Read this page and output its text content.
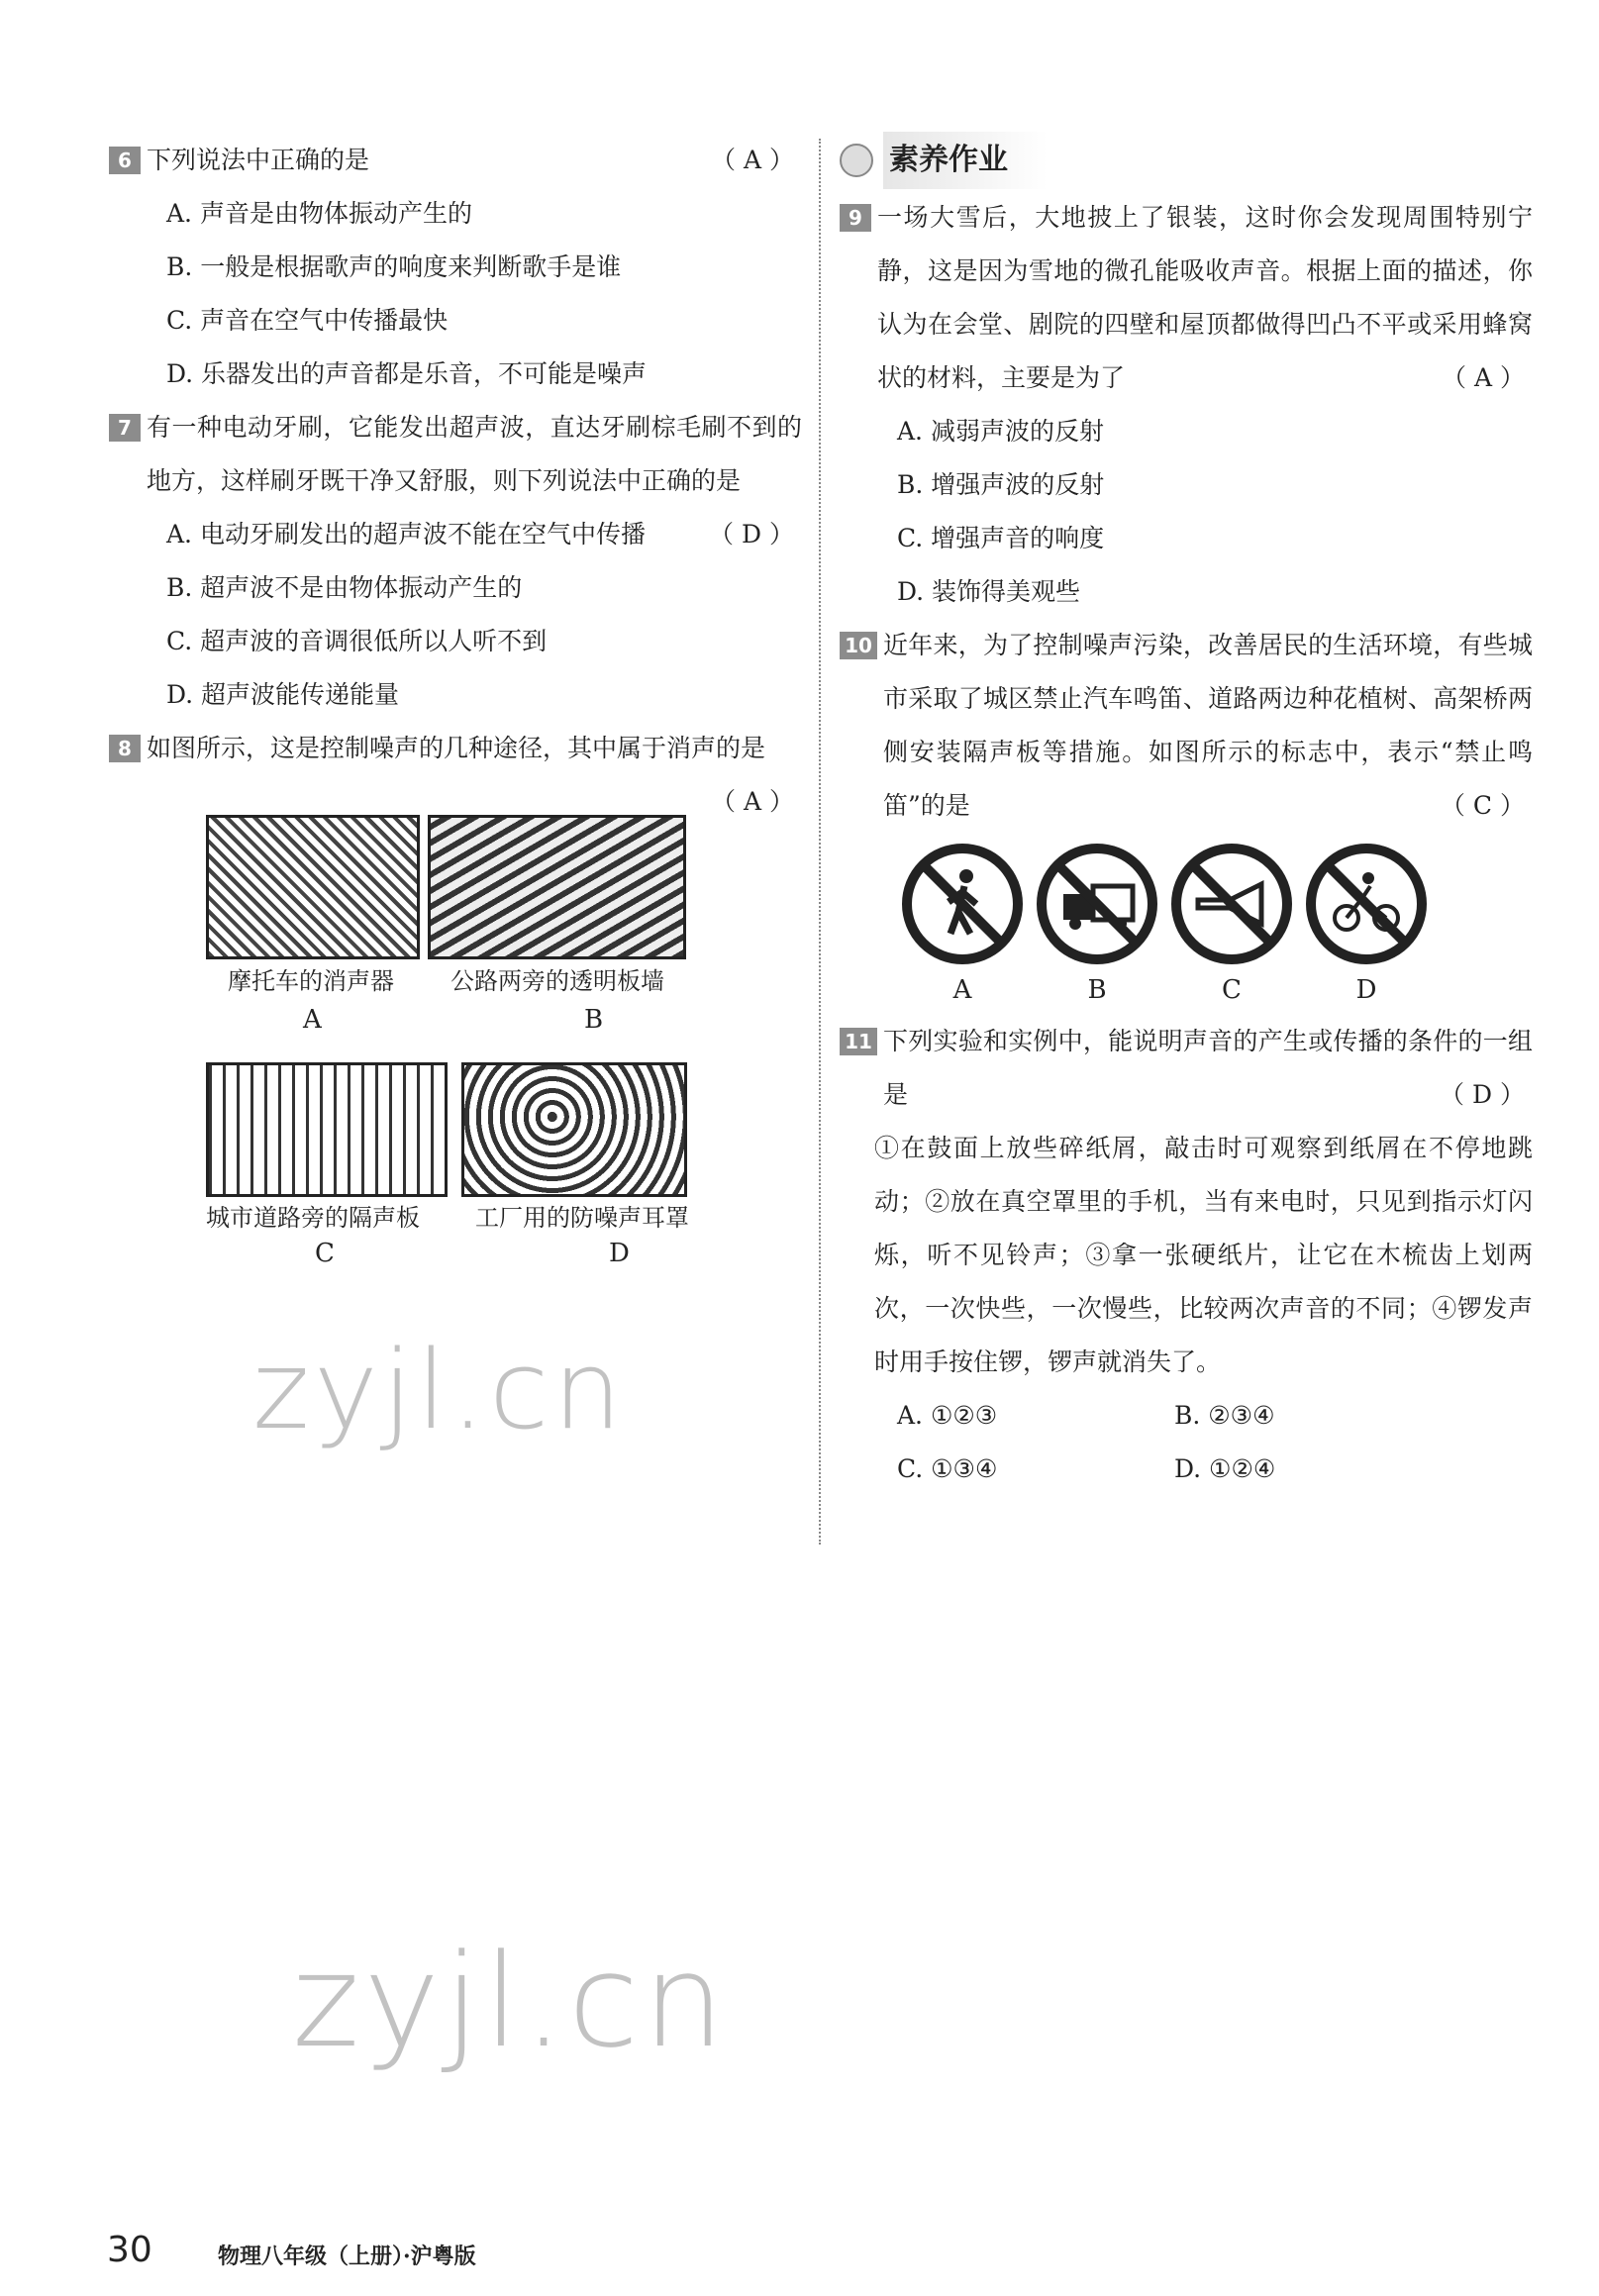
6 下列说法中正确的是	（A）
A. 声音是由物体振动产生的
B. 一般是根据歌声的响度来判断歌手是谁
C. 声音在空气中传播最快
D. 乐器发出的声音都是乐音，不可能是噪声
7 有一种电动牙刷，它能发出超声波，直达牙刷棕毛刷不到的地方，这样刷牙既干净又舒服，则下列说法中正确的是
（D）
A. 电动牙刷发出的超声波不能在空气中传播
B. 超声波不是由物体振动产生的
C. 超声波的音调很低所以人听不到
D. 超声波能传递能量
8 如图所示，这是控制噪声的几种途径，其中属于消声的是
（A）
摩托车的消声器 公路两旁的透明板墙
A	B
城市道路旁的隔声板 工厂用的防噪声耳罩
C	D
素养作业
9 一场大雪后，大地披上了银装，这时你会发现周围特别宁静，这是因为雪地的微孔能吸收声音。根据上面的描述，你认为在会堂、剧院的四壁和屋顶都做得凹凸不平或采用蜂窝状的材料，主要是为了	（A）
A. 减弱声波的反射
B. 增强声波的反射
C. 增强声音的响度
D. 装饰得美观些
10 近年来，为了控制噪声污染，改善居民的生活环境，有些城市采取了城区禁止汽车鸣笛、道路两边种花植树、高架桥两侧安装隔声板等措施。如图所示的标志中，表示“禁止鸣笛”的是	（C）
A	B	C	D
11 下列实验和实例中，能说明声音的产生或传播的条件的一组是	（D）
①在鼓面上放些碎纸屑，敲击时可观察到纸屑在不停地跳动；②放在真空罩里的手机，当有来电时，只见到指示灯闪烁，听不见铃声；③拿一张硬纸片，让它在木梳齿上划两次，一次快些，一次慢些，比较两次声音的不同；④锣发声时用手按住锣，锣声就消失了。
A. ①②③	B. ②③④
C. ①③④	D. ①②④
zyjl.cn
zyjl.cn
30	物理八年级（上册）·沪粤版
